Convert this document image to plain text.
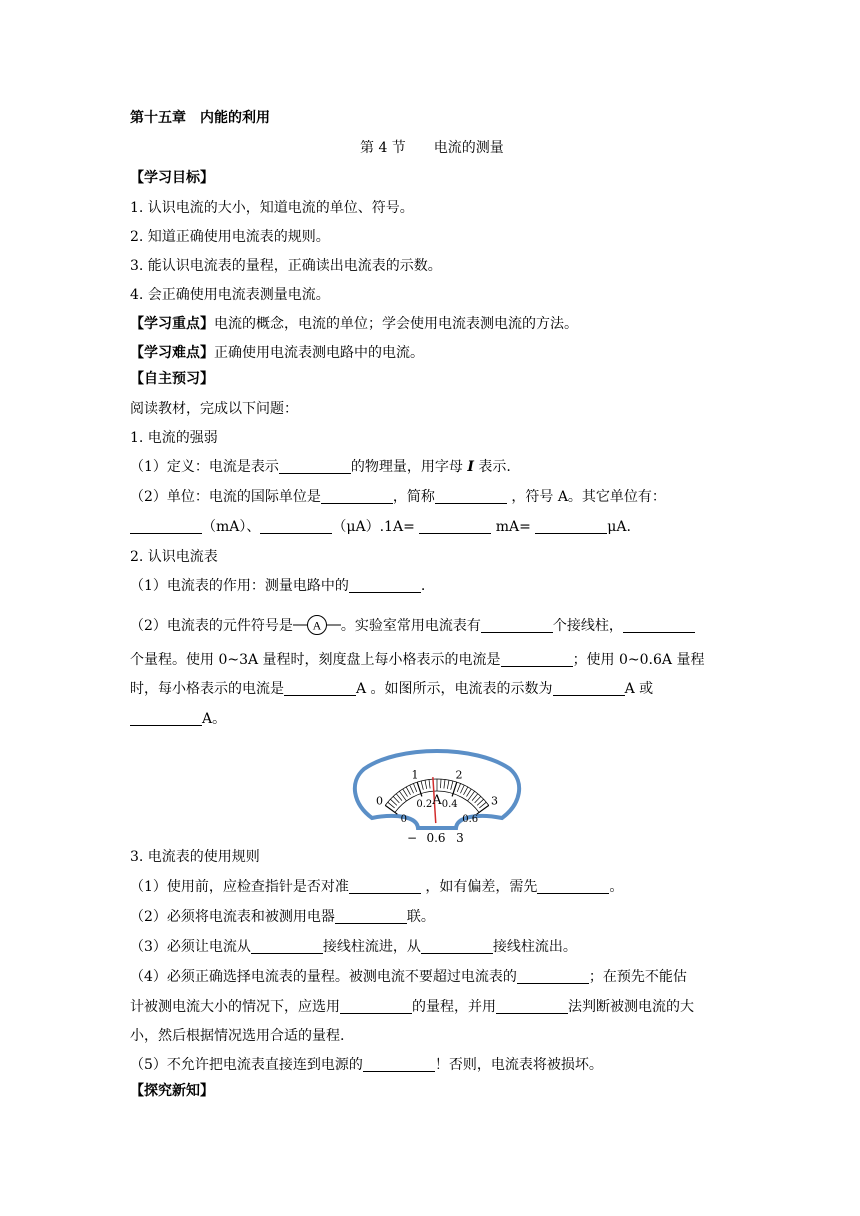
第十五章　内能的利用
第 4 节　　电流的测量
【学习目标】
1. 认识电流的大小，知道电流的单位、符号。
2. 知道正确使用电流表的规则。
3. 能认识电流表的量程，正确读出电流表的示数。
4. 会正确使用电流表测量电流。
【学习重点】电流的概念，电流的单位；学会使用电流表测电流的方法。
【学习难点】正确使用电流表测电路中的电流。
【自主预习】
阅读教材，完成以下问题：
1. 电流的强弱
（1）定义：电流是表示	的物理量，用字母 I 表示.
（2）单位：电流的国际单位是	，简称	，符号 A。其它单位有：
（mA）、	（μA）.1A=	mA=	μA.
2. 认识电流表
（1）电流表的作用：测量电路中的	.
（2）电流表的元件符号是 A 。实验室常用电流表有	个接线柱，
个量程。使用 0~3A 量程时，刻度盘上每小格表示的电流是	；使用 0~0.6A 量程
时，每小格表示的电流是	A 。如图所示，电流表的示数为	A 或
A。
0
1	2
3
0
0.2 0.4
0.6
A
− 0.6 3
3. 电流表的使用规则
（1）使用前，应检查指针是否对准	，如有偏差，需先	。
（2）必须将电流表和被测用电器	联。
（3）必须让电流从	接线柱流进，从	接线柱流出。
（4）必须正确选择电流表的量程。被测电流不要超过电流表的	；在预先不能估
计被测电流大小的情况下，应选用	的量程，并用	法判断被测电流的大
小，然后根据情况选用合适的量程.
（5）不允许把电流表直接连到电源的	！否则，电流表将被损坏。
【探究新知】
